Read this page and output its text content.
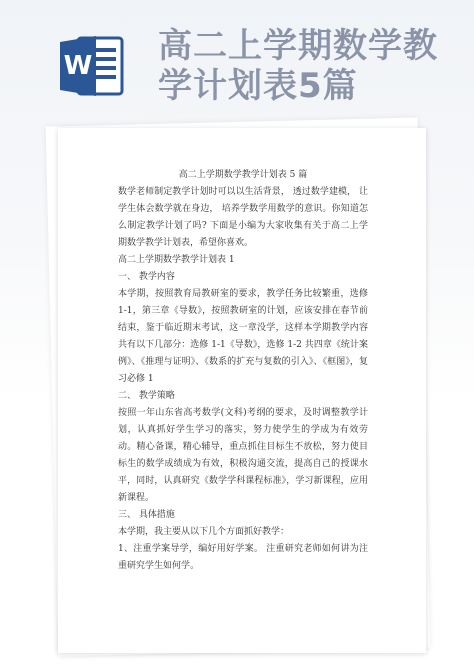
W 高二上学期数学教学计划表5篇
高二上学期数学教学计划表 5 篇

数学老师制定教学计划时可以以生活背景， 透过数学建模， 让学生体会数学就在身边， 培养学数学用数学的意识。你知道怎么制定教学计划了吗? 下面是小编为大家收集有关于高二上学期数学教学计划表，希望你喜欢。

高二上学期数学教学计划表 1

一、 教学内容

本学期，按照教育局教研室的要求，教学任务比较繁重，选修 1-1，第三章《导数》，按照教研室的计划，应该安排在春节前结束，鉴于临近期末考试，这一章没学，这样本学期教学内容共有以下几部分：选修 1-1《导数》，选修 1-2 共四章《统计案例》、《推理与证明》、《数系的扩充与复数的引入》、《框图》，复习必修 1

二、 教学策略

按照一年山东省高考数学(文科)考纲的要求，及时调整教学计划，认真抓好学生学习的落实，努力使学生的学成为有效劳动。精心备课，精心辅导，重点抓住目标生不放松，努力使目标生的数学成绩成为有效，积极沟通交流，提高自己的授课水平，同时，认真研究《数学学科课程标准》，学习新课程，应用新课程。

三、 具体措施

本学期，我主要从以下几个方面抓好教学：

1、注重学案导学，编好用好学案。 注重研究老师如何讲为注重研究学生如何学。
